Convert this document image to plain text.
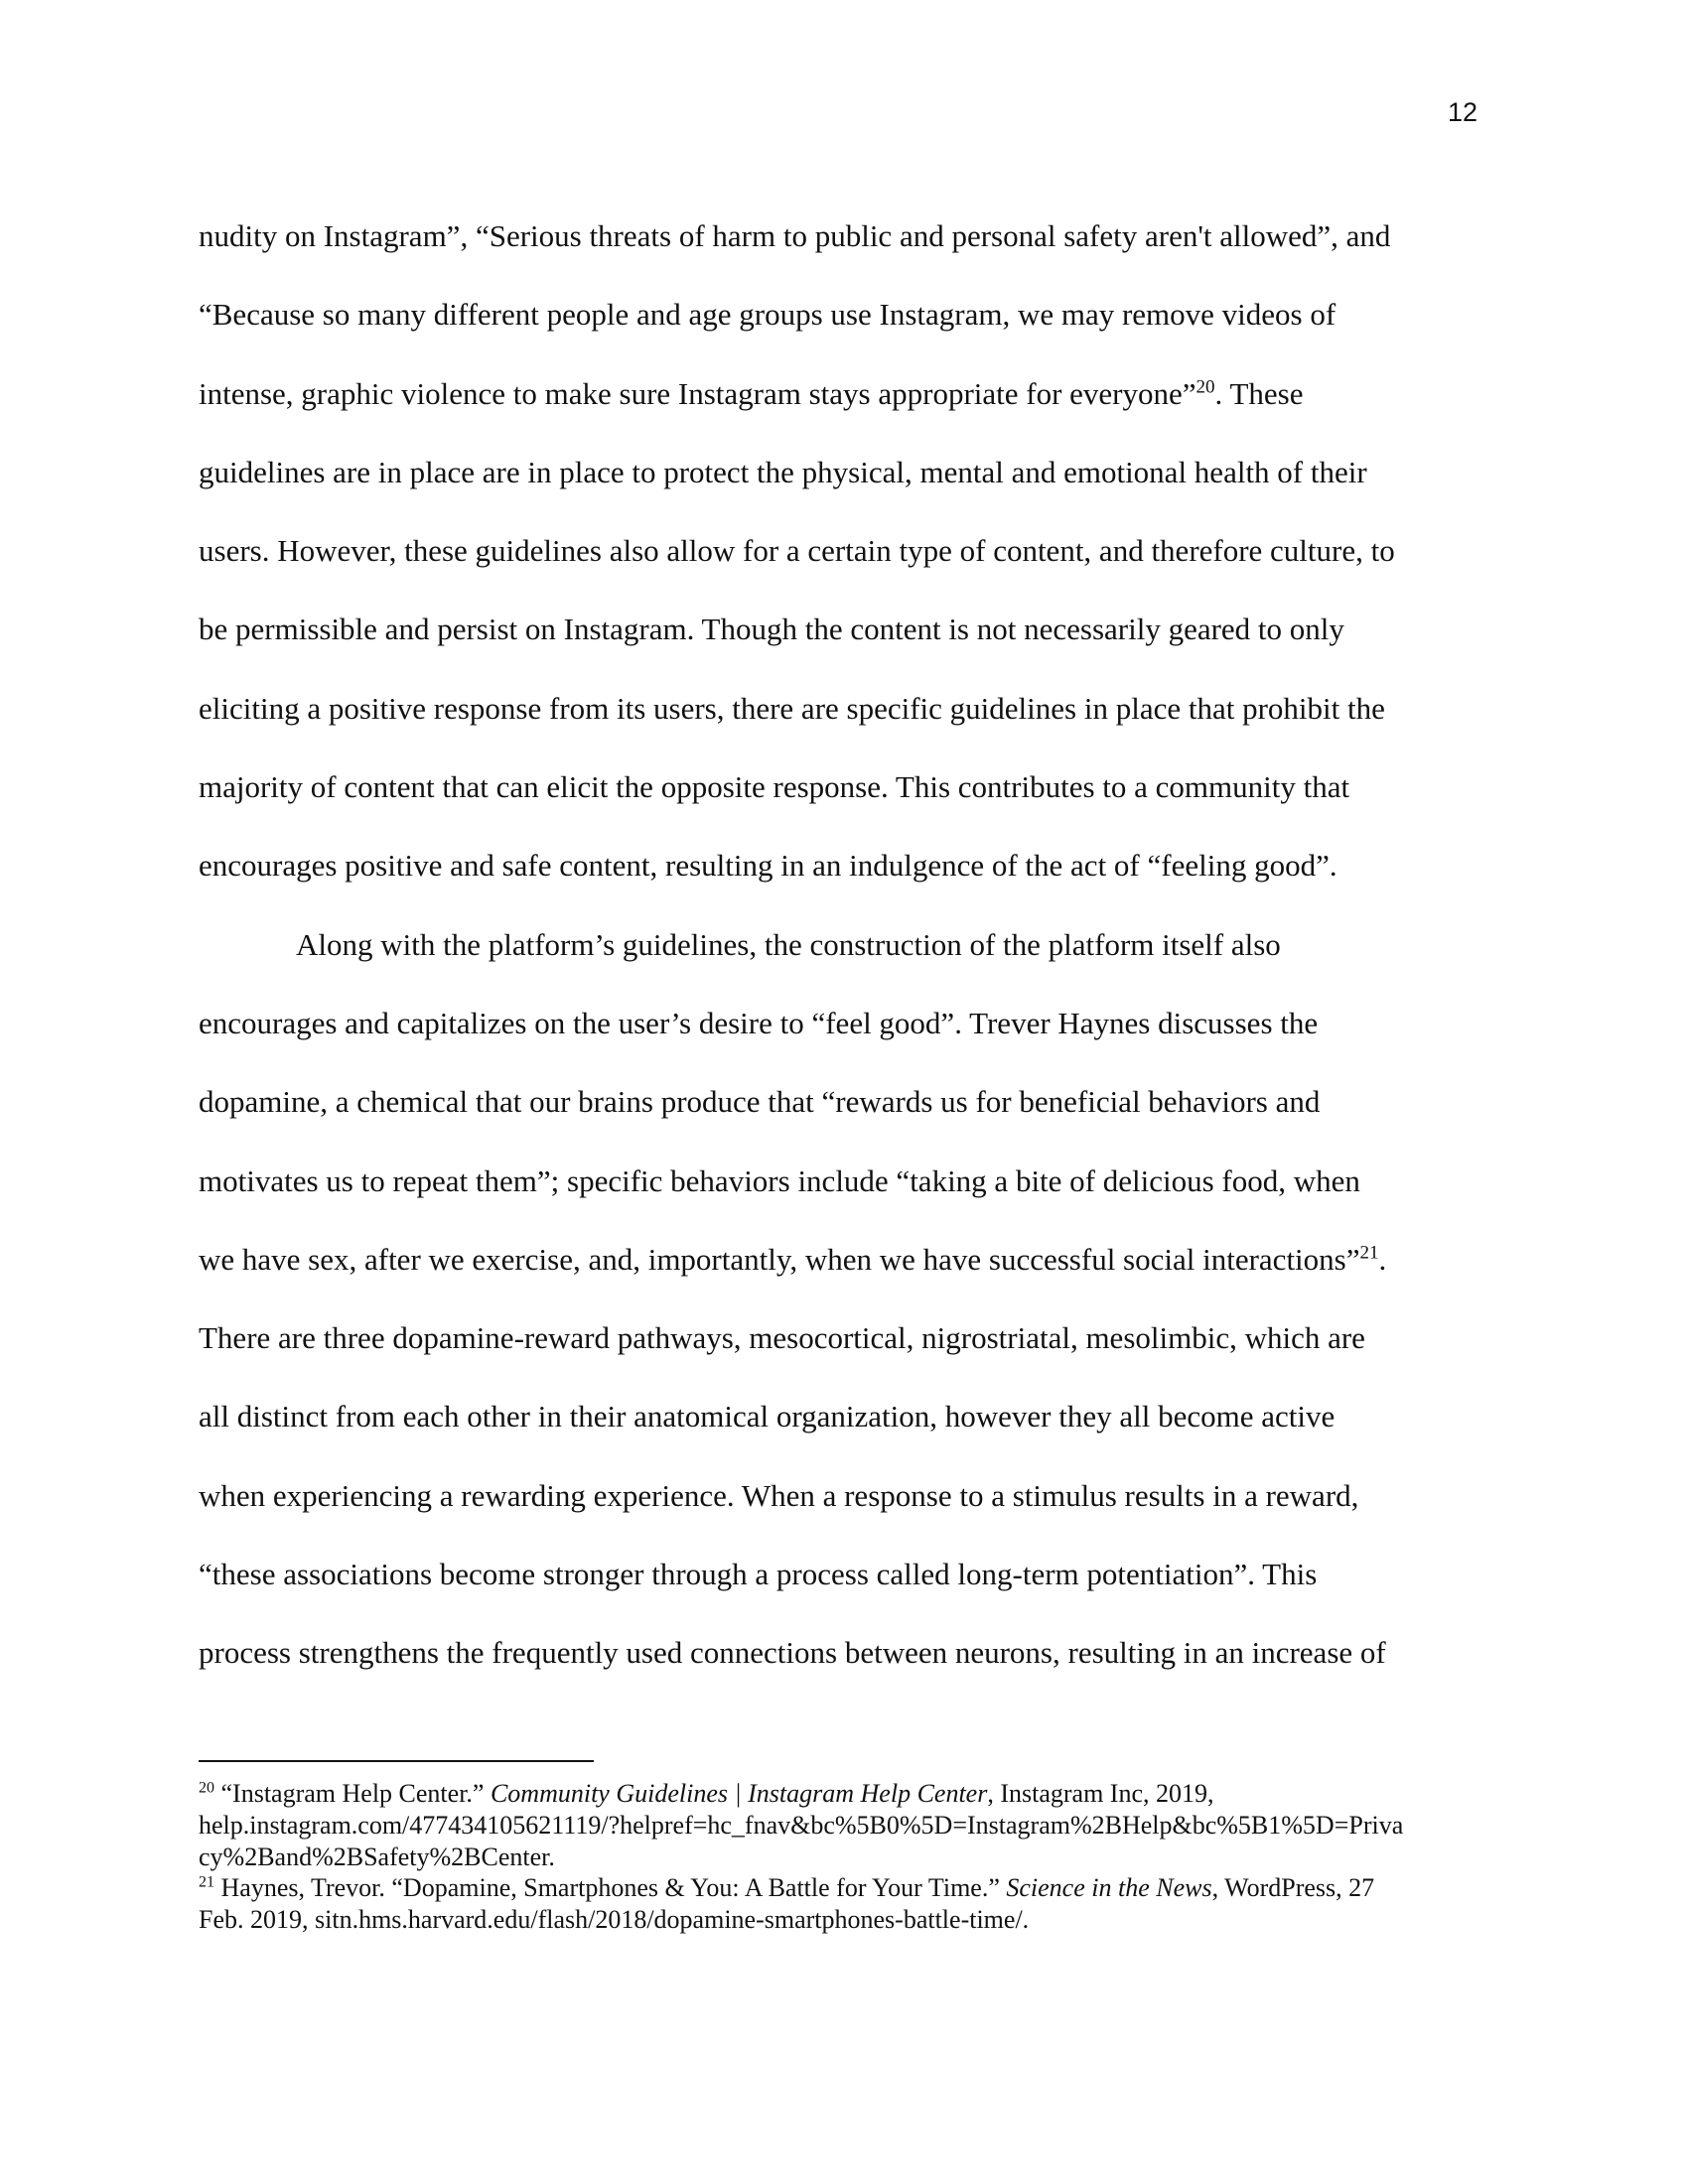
12
nudity on Instagram”, “Serious threats of harm to public and personal safety aren't allowed”, and
“Because so many different people and age groups use Instagram, we may remove videos of
intense, graphic violence to make sure Instagram stays appropriate for everyone”$^{20}$. These
guidelines are in place are in place to protect the physical, mental and emotional health of their
users. However, these guidelines also allow for a certain type of content, and therefore culture, to
be permissible and persist on Instagram. Though the content is not necessarily geared to only
eliciting a positive response from its users, there are specific guidelines in place that prohibit the
majority of content that can elicit the opposite response. This contributes to a community that
encourages positive and safe content, resulting in an indulgence of the act of “feeling good”.
Along with the platform’s guidelines, the construction of the platform itself also
encourages and capitalizes on the user’s desire to “feel good”. Trever Haynes discusses the
dopamine, a chemical that our brains produce that “rewards us for beneficial behaviors and
motivates us to repeat them”; specific behaviors include “taking a bite of delicious food, when
we have sex, after we exercise, and, importantly, when we have successful social interactions”$^{21}$.
There are three dopamine-reward pathways, mesocortical, nigrostriatal, mesolimbic, which are
all distinct from each other in their anatomical organization, however they all become active
when experiencing a rewarding experience. When a response to a stimulus results in a reward,
“these associations become stronger through a process called long-term potentiation”. This
process strengthens the frequently used connections between neurons, resulting in an increase of
$^{20}$ “Instagram Help Center.” Community Guidelines | Instagram Help Center, Instagram Inc, 2019,
help.instagram.com/477434105621119/?helpref=hc_fnav&bc%5B0%5D=Instagram%2BHelp&bc%5B1%5D=Priva
cy%2Band%2BSafety%2BCenter.
$^{21}$ Haynes, Trevor. “Dopamine, Smartphones & You: A Battle for Your Time.” Science in the News, WordPress, 27
Feb. 2019, sitn.hms.harvard.edu/flash/2018/dopamine-smartphones-battle-time/.
